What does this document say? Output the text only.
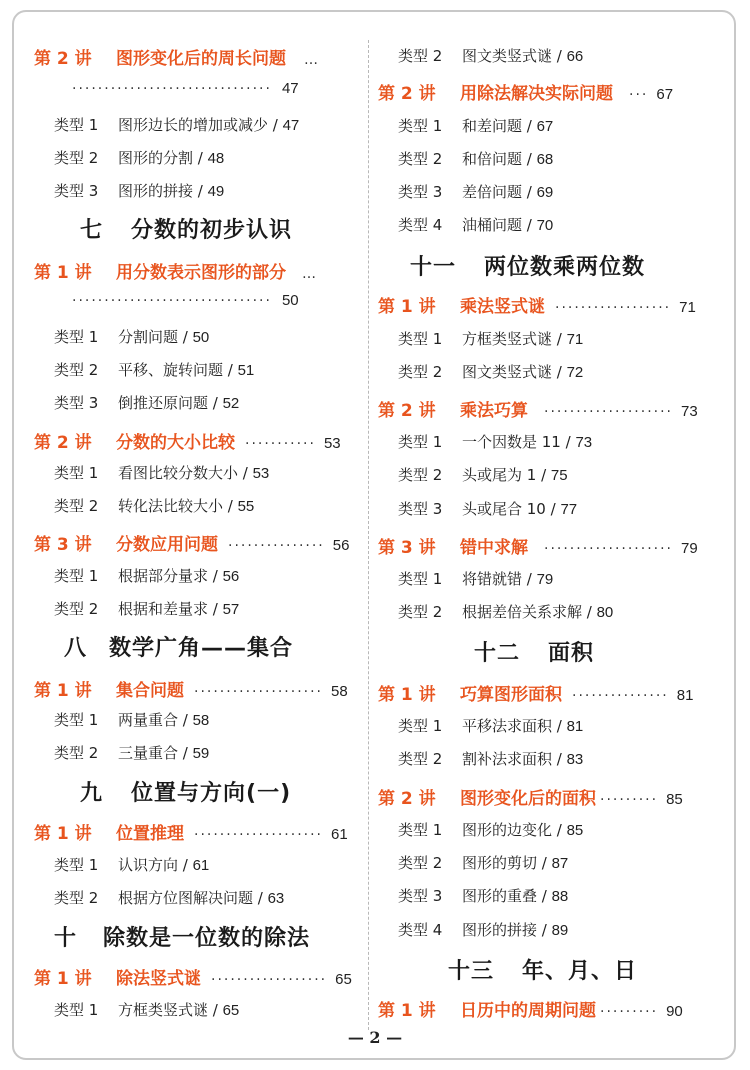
第 2 讲	图形变化后的周长问题 …
······························· 47
类型 1 图形边长的增加或减少 / 47
类型 2 图形的分割 / 48
类型 3 图形的拼接 / 49
七 分数的初步认识
第 1 讲	用分数表示图形的部分 …
······························· 50
类型 1 分割问题 / 50
类型 2 平移、旋转问题 / 51
类型 3 倒推还原问题 / 52
第 2 讲	分数的大小比较 ··········· 53
类型 1 看图比较分数大小 / 53
类型 2 转化法比较大小 / 55
第 3 讲	分数应用问题 ··············· 56
类型 1 根据部分量求 / 56
类型 2 根据和差量求 / 57
八 数学广角——集合
第 1 讲	集合问题 ···················· 58
类型 1 两量重合 / 58
类型 2 三量重合 / 59
九 位置与方向(一)
第 1 讲	位置推理 ···················· 61
类型 1 认识方向 / 61
类型 2 根据方位图解决问题 / 63
十 除数是一位数的除法
第 1 讲	除法竖式谜 ·················· 65
类型 1 方框类竖式谜 / 65
类型 2 图文类竖式谜 / 66
第 2 讲	用除法解决实际问题 ··· 67
类型 1 和差问题 / 67
类型 2 和倍问题 / 68
类型 3 差倍问题 / 69
类型 4 油桶问题 / 70
十一 两位数乘两位数
第 1 讲	乘法竖式谜 ·················· 71
类型 1 方框类竖式谜 / 71
类型 2 图文类竖式谜 / 72
第 2 讲	乘法巧算 ···················· 73
类型 1 一个因数是 11 / 73
类型 2 头或尾为 1 / 75
类型 3 头或尾合 10 / 77
第 3 讲	错中求解 ···················· 79
类型 1 将错就错 / 79
类型 2 根据差倍关系求解 / 80
十二 面积
第 1 讲	巧算图形面积 ··············· 81
类型 1 平移法求面积 / 81
类型 2 割补法求面积 / 83
第 2 讲	图形变化后的面积 ········· 85
类型 1 图形的边变化 / 85
类型 2 图形的剪切 / 87
类型 3 图形的重叠 / 88
类型 4 图形的拼接 / 89
十三 年、月、日
第 1 讲	日历中的周期问题 ········· 90
— 2 —
